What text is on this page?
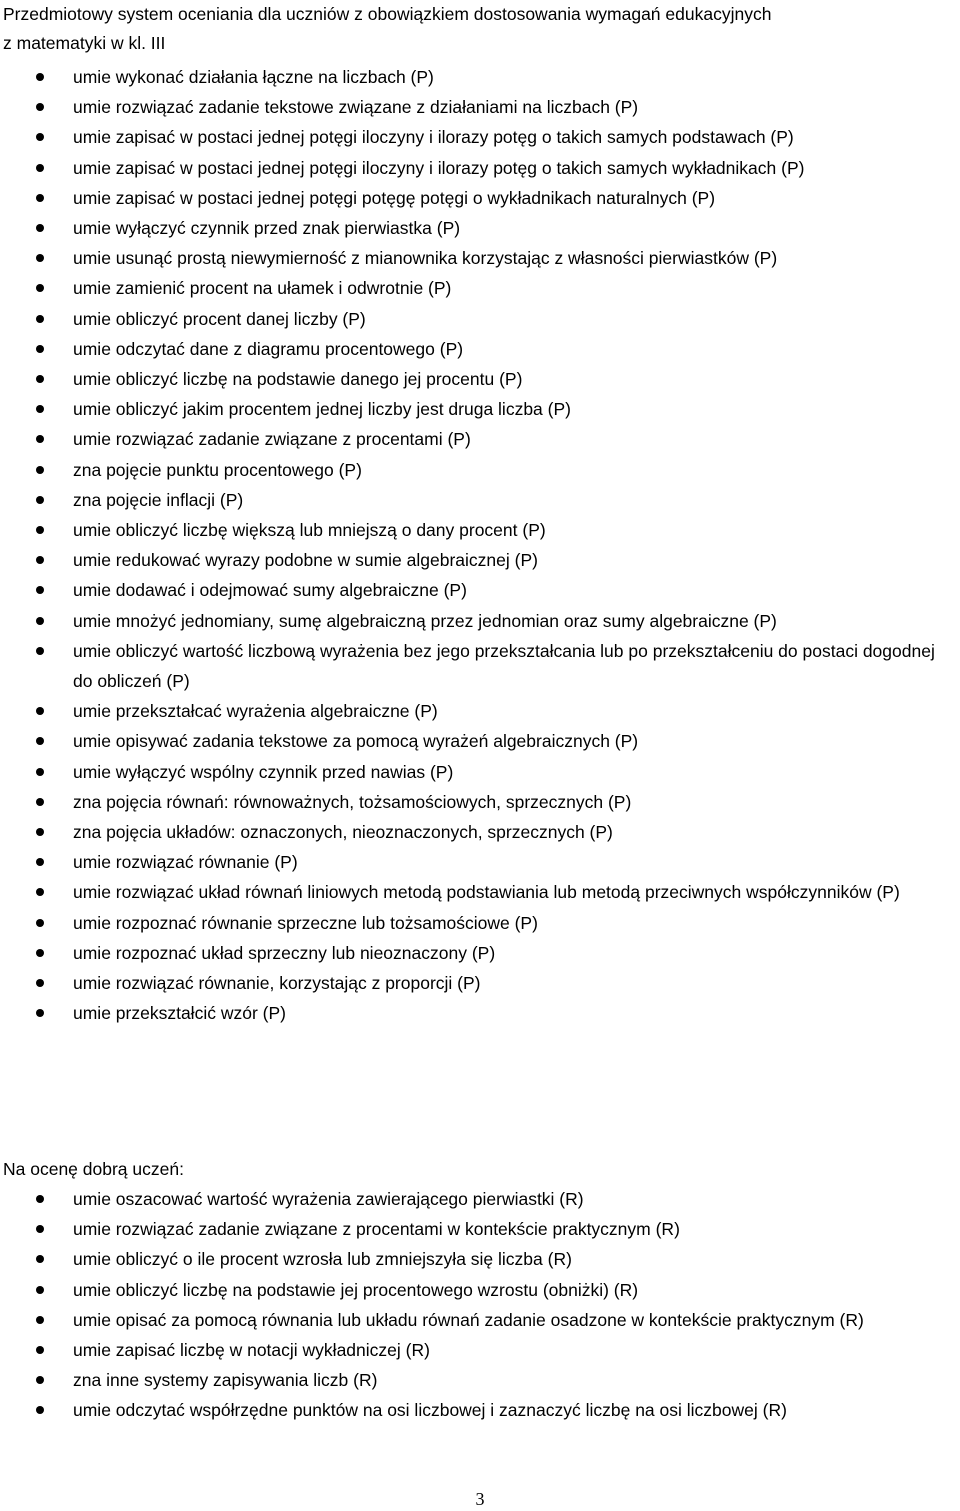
Przedmiotowy system oceniania dla uczniów z obowiązkiem dostosowania wymagań edukacyjnych
z matematyki w kl. III
umie wykonać działania łączne na liczbach (P)
umie rozwiązać zadanie tekstowe związane z działaniami na liczbach (P)
umie zapisać w postaci jednej potęgi iloczyny i ilorazy potęg o takich samych podstawach (P)
umie zapisać w postaci jednej potęgi iloczyny i ilorazy potęg o takich samych wykładnikach (P)
umie zapisać w postaci jednej potęgi potęgę potęgi o wykładnikach naturalnych (P)
umie wyłączyć czynnik przed znak pierwiastka (P)
umie usunąć prostą niewymierność z mianownika korzystając z własności pierwiastków (P)
umie zamienić procent na ułamek i odwrotnie (P)
umie obliczyć procent danej liczby (P)
umie odczytać dane z diagramu procentowego (P)
umie obliczyć liczbę na podstawie danego jej procentu (P)
umie obliczyć jakim procentem jednej liczby jest druga liczba (P)
umie rozwiązać zadanie związane z procentami (P)
zna pojęcie punktu procentowego (P)
zna pojęcie inflacji (P)
umie obliczyć liczbę większą lub mniejszą o dany procent (P)
umie redukować wyrazy podobne w sumie algebraicznej (P)
umie dodawać i odejmować sumy algebraiczne (P)
umie mnożyć jednomiany, sumę algebraiczną przez jednomian oraz sumy algebraiczne (P)
umie obliczyć wartość liczbową wyrażenia bez jego przekształcania lub po przekształceniu do postaci dogodnej do obliczeń (P)
umie przekształcać wyrażenia algebraiczne (P)
umie opisywać zadania tekstowe za pomocą wyrażeń algebraicznych (P)
umie wyłączyć wspólny czynnik przed nawias (P)
zna pojęcia równań: równoważnych, tożsamościowych, sprzecznych (P)
zna pojęcia układów: oznaczonych, nieoznaczonych, sprzecznych (P)
umie rozwiązać równanie (P)
umie rozwiązać układ równań liniowych metodą podstawiania lub metodą przeciwnych współczynników (P)
umie rozpoznać równanie sprzeczne lub tożsamościowe (P)
umie rozpoznać układ sprzeczny lub nieoznaczony (P)
umie rozwiązać równanie, korzystając z proporcji (P)
umie przekształcić wzór (P)
Na ocenę dobrą uczeń:
umie oszacować wartość wyrażenia zawierającego pierwiastki (R)
umie rozwiązać zadanie związane z procentami w kontekście praktycznym (R)
umie obliczyć o ile procent wzrosła lub zmniejszyła się liczba (R)
umie obliczyć liczbę na podstawie jej procentowego wzrostu (obniżki) (R)
umie opisać za pomocą równania lub układu równań zadanie osadzone w kontekście praktycznym (R)
umie zapisać liczbę w notacji wykładniczej (R)
zna inne systemy zapisywania liczb (R)
umie odczytać współrzędne punktów na osi liczbowej i zaznaczyć liczbę na osi liczbowej (R)
3
